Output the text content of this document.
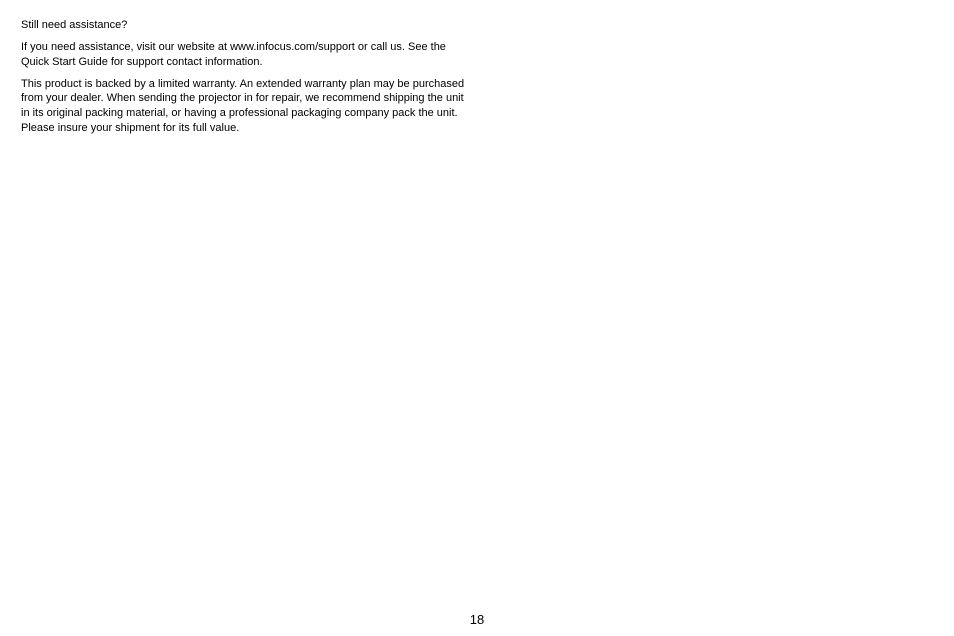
Still need assistance?

If you need assistance, visit our website at www.infocus.com/support or call us. See the Quick Start Guide for support contact information.

This product is backed by a limited warranty. An extended warranty plan may be purchased from your dealer. When sending the projector in for repair, we recommend shipping the unit in its original packing material, or having a professional packaging company pack the unit. Please insure your shipment for its full value.

18
